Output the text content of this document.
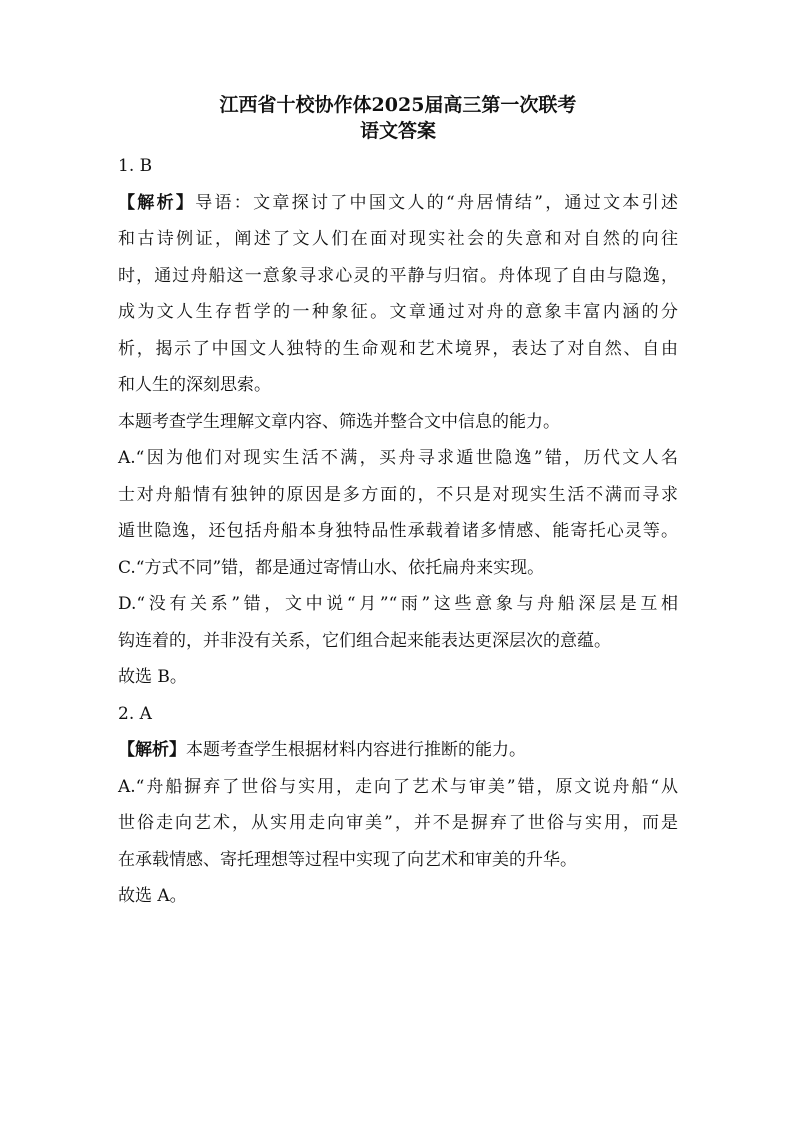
江西省十校协作体2025届高三第一次联考

语文答案

1. B

【解析】导语：文章探讨了中国文人的“舟居情结”，通过文本引述

和古诗例证，阐述了文人们在面对现实社会的失意和对自然的向往

时，通过舟船这一意象寻求心灵的平静与归宿。舟体现了自由与隐逸，

成为文人生存哲学的一种象征。文章通过对舟的意象丰富内涵的分

析，揭示了中国文人独特的生命观和艺术境界，表达了对自然、自由

和人生的深刻思索。

本题考查学生理解文章内容、筛选并整合文中信息的能力。

A.“因为他们对现实生活不满，买舟寻求遁世隐逸”错，历代文人名

士对舟船情有独钟的原因是多方面的，不只是对现实生活不满而寻求

遁世隐逸，还包括舟船本身独特品性承载着诸多情感、能寄托心灵等。

C.“方式不同”错，都是通过寄情山水、依托扁舟来实现。

D.“没有关系”错，文中说“月”“雨”这些意象与舟船深层是互相

钩连着的，并非没有关系，它们组合起来能表达更深层次的意蕴。

故选 B。

2. A

【解析】本题考查学生根据材料内容进行推断的能力。

A.“舟船摒弃了世俗与实用，走向了艺术与审美”错，原文说舟船“从

世俗走向艺术，从实用走向审美”，并不是摒弃了世俗与实用，而是

在承载情感、寄托理想等过程中实现了向艺术和审美的升华。

故选 A。
